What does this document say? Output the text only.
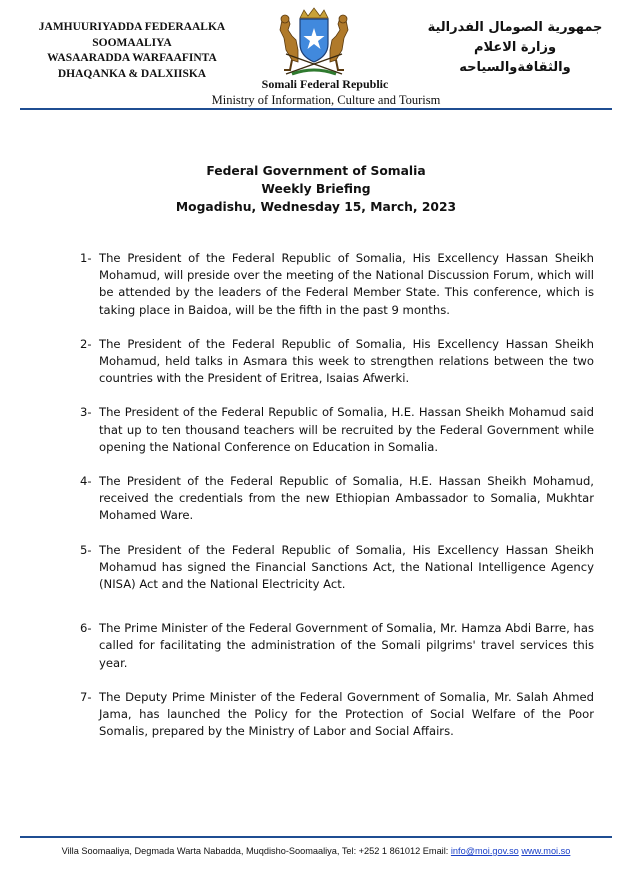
JAMHUURIYADDA FEDERAALKA
SOOMAALIYA
WASAARADDA WARFAAFINTA
DHAQANKA & DALXIISKA
جمهورية الصومال الفدرالية
وزارة الاعلام
والثقافةوالسياحه
Somali Federal Republic
Ministry of Information, Culture and Tourism
Federal Government of Somalia
Weekly Briefing
Mogadishu, Wednesday 15, March, 2023

1- The President of the Federal Republic of Somalia, His Excellency Hassan Sheikh Mohamud, will preside over the meeting of the National Discussion Forum, which will be attended by the leaders of the Federal Member State. This conference, which is taking place in Baidoa, will be the fifth in the past 9 months.

2- The President of the Federal Republic of Somalia, His Excellency Hassan Sheikh Mohamud, held talks in Asmara this week to strengthen relations between the two countries with the President of Eritrea, Isaias Afwerki.

3- The President of the Federal Republic of Somalia, H.E. Hassan Sheikh Mohamud said that up to ten thousand teachers will be recruited by the Federal Government while opening the National Conference on Education in Somalia.

4- The President of the Federal Republic of Somalia, H.E. Hassan Sheikh Mohamud, received the credentials from the new Ethiopian Ambassador to Somalia, Mukhtar Mohamed Ware.

5- The President of the Federal Republic of Somalia, His Excellency Hassan Sheikh Mohamud has signed the Financial Sanctions Act, the National Intelligence Agency (NISA) Act and the National Electricity Act.

6- The Prime Minister of the Federal Government of Somalia, Mr. Hamza Abdi Barre, has called for facilitating the administration of the Somali pilgrims' travel services this year.

7- The Deputy Prime Minister of the Federal Government of Somalia, Mr. Salah Ahmed Jama, has launched the Policy for the Protection of Social Welfare of the Poor Somalis, prepared by the Ministry of Labor and Social Affairs.

Villa Soomaaliya, Degmada Warta Nabadda, Muqdisho-Soomaaliya, Tel: +252 1 861012 Email: info@moi.gov.so www.moi.so
